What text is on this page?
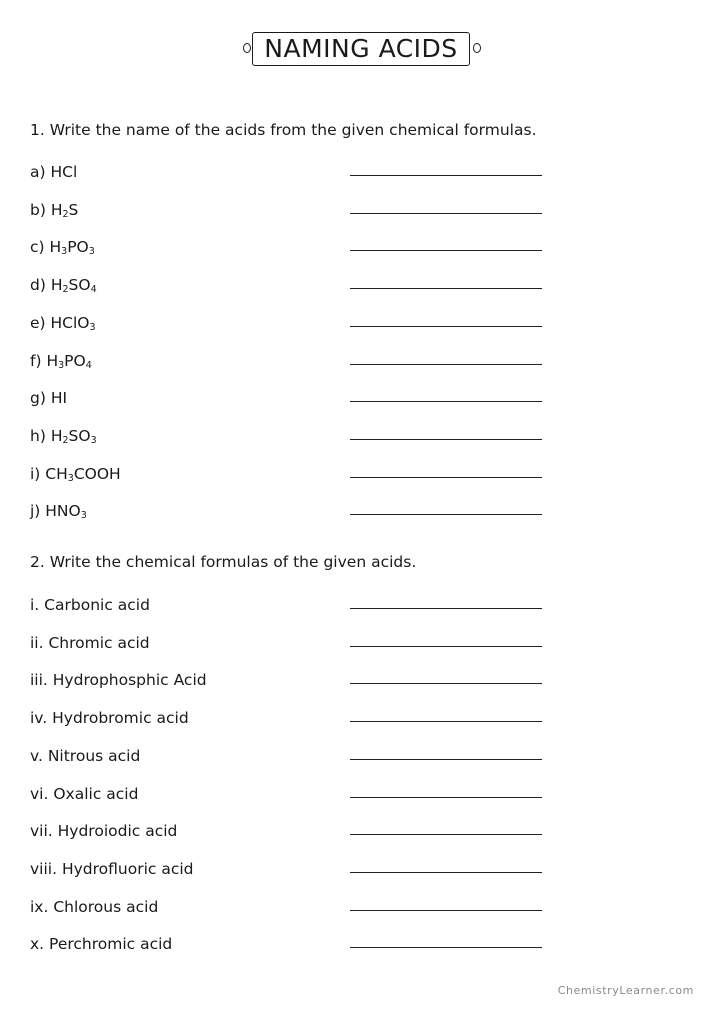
NAMING ACIDS
1. Write the name of the acids from the given chemical formulas.
a) HCl
b) $H_2S$
c) $H_3PO_3$
d) $H_2SO_4$
e) HClO$_3$
f) $H_3PO_4$
g) HI
h) $H_2SO_3$
i) $CH_3COOH$
j) $HNO_3$
2. Write the chemical formulas of the given acids.
i. Carbonic acid
ii. Chromic acid
iii. Hydrophosphic Acid
iv. Hydrobromic acid
v. Nitrous acid
vi. Oxalic acid
vii. Hydroiodic acid
viii. Hydrofluoric acid
ix. Chlorous acid
x. Perchromic acid
ChemistryLearner.com
